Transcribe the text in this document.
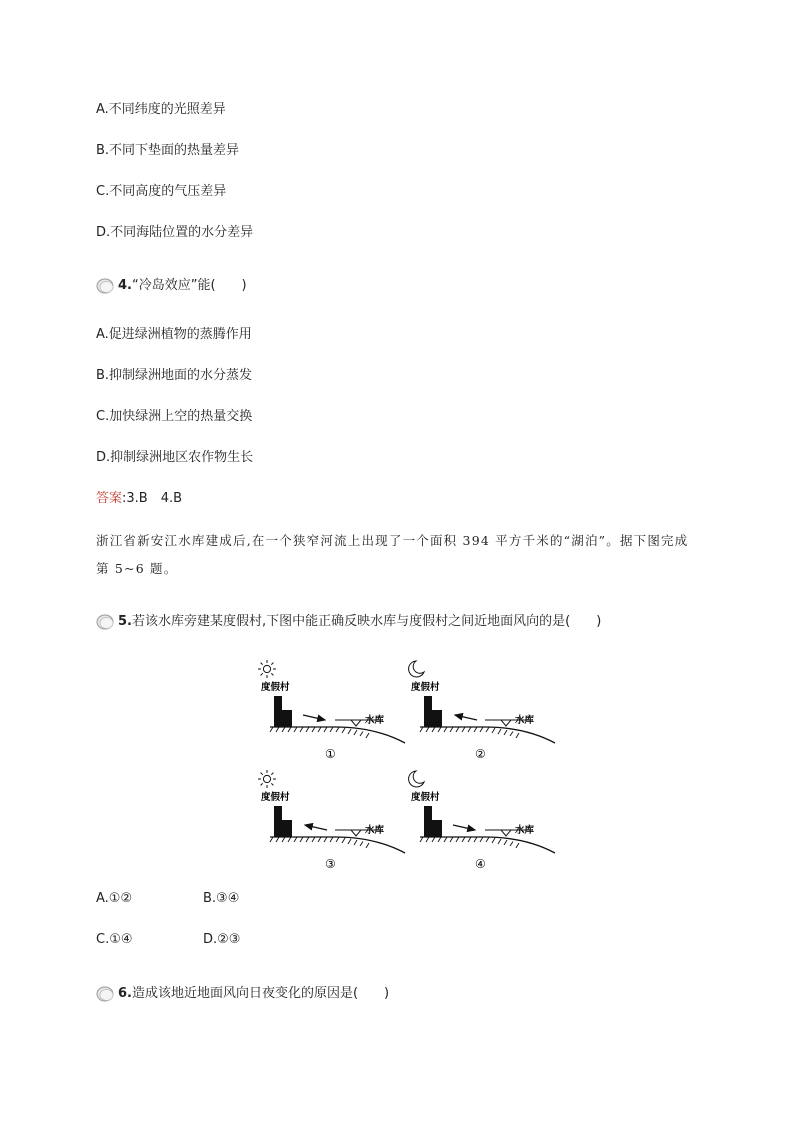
A.不同纬度的光照差异
B.不同下垫面的热量差异
C.不同高度的气压差异
D.不同海陆位置的水分差异
4. “冷岛效应”能(　　)
A.促进绿洲植物的蒸腾作用
B.抑制绿洲地面的水分蒸发
C.加快绿洲上空的热量交换
D.抑制绿洲地区农作物生长
答案:3.B　4.B
浙江省新安江水库建成后,在一个狭窄河流上出现了一个面积 394 平方千米的“湖泊”。据下图完成第 5~6 题。
5. 若该水库旁建某度假村,下图中能正确反映水库与度假村之间近地面风向的是(　　)
度假村
水库
①
度假村
水库
②
度假村
水库
③
度假村
水库
④
A.①②	B.③④
C.①④	D.②③
6. 造成该地近地面风向日夜变化的原因是(　　)
